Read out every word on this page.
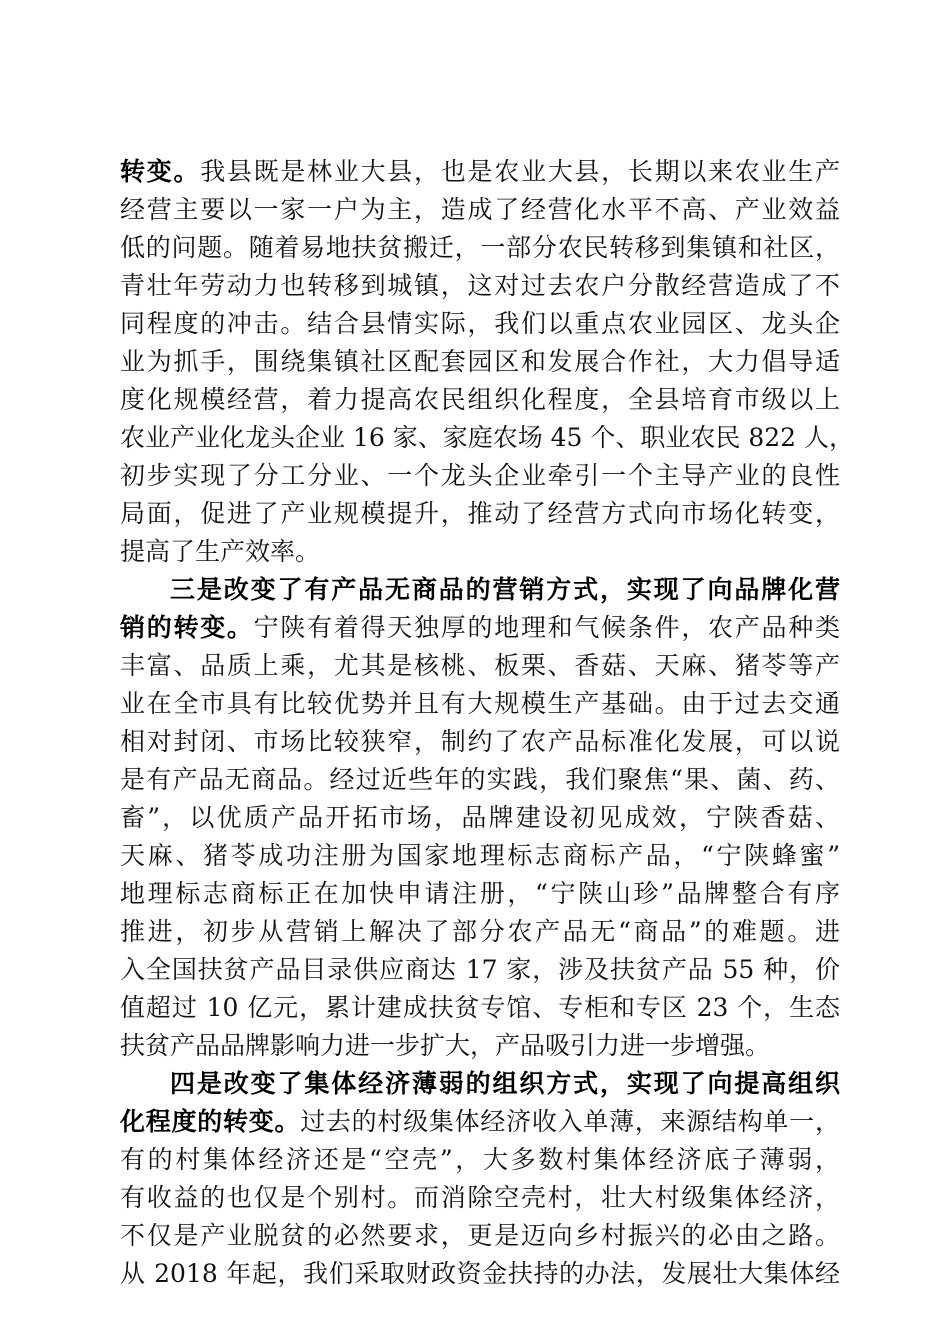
转变。我县既是林业大县，也是农业大县，长期以来农业生产
经营主要以一家一户为主，造成了经营化水平不高、产业效益
低的问题。随着易地扶贫搬迁，一部分农民转移到集镇和社区，
青壮年劳动力也转移到城镇，这对过去农户分散经营造成了不
同程度的冲击。结合县情实际，我们以重点农业园区、龙头企
业为抓手，围绕集镇社区配套园区和发展合作社，大力倡导适
度化规模经营，着力提高农民组织化程度，全县培育市级以上
农业产业化龙头企业 16 家、家庭农场 45 个、职业农民 822 人，
初步实现了分工分业、一个龙头企业牵引一个主导产业的良性
局面，促进了产业规模提升，推动了经营方式向市场化转变，
提高了生产效率。
三是改变了有产品无商品的营销方式，实现了向品牌化营
销的转变。宁陕有着得天独厚的地理和气候条件，农产品种类
丰富、品质上乘，尤其是核桃、板栗、香菇、天麻、猪苓等产
业在全市具有比较优势并且有大规模生产基础。由于过去交通
相对封闭、市场比较狭窄，制约了农产品标准化发展，可以说
是有产品无商品。经过近些年的实践，我们聚焦“果、菌、药、
畜”，以优质产品开拓市场，品牌建设初见成效，宁陕香菇、
天麻、猪苓成功注册为国家地理标志商标产品，“宁陕蜂蜜”
地理标志商标正在加快申请注册，“宁陕山珍”品牌整合有序
推进，初步从营销上解决了部分农产品无“商品”的难题。进
入全国扶贫产品目录供应商达 17 家，涉及扶贫产品 55 种，价
值超过 10 亿元，累计建成扶贫专馆、专柜和专区 23 个，生态
扶贫产品品牌影响力进一步扩大，产品吸引力进一步增强。
四是改变了集体经济薄弱的组织方式，实现了向提高组织
化程度的转变。过去的村级集体经济收入单薄，来源结构单一，
有的村集体经济还是“空壳”，大多数村集体经济底子薄弱，
有收益的也仅是个别村。而消除空壳村，壮大村级集体经济，
不仅是产业脱贫的必然要求，更是迈向乡村振兴的必由之路。
从 2018 年起，我们采取财政资金扶持的办法，发展壮大集体经
